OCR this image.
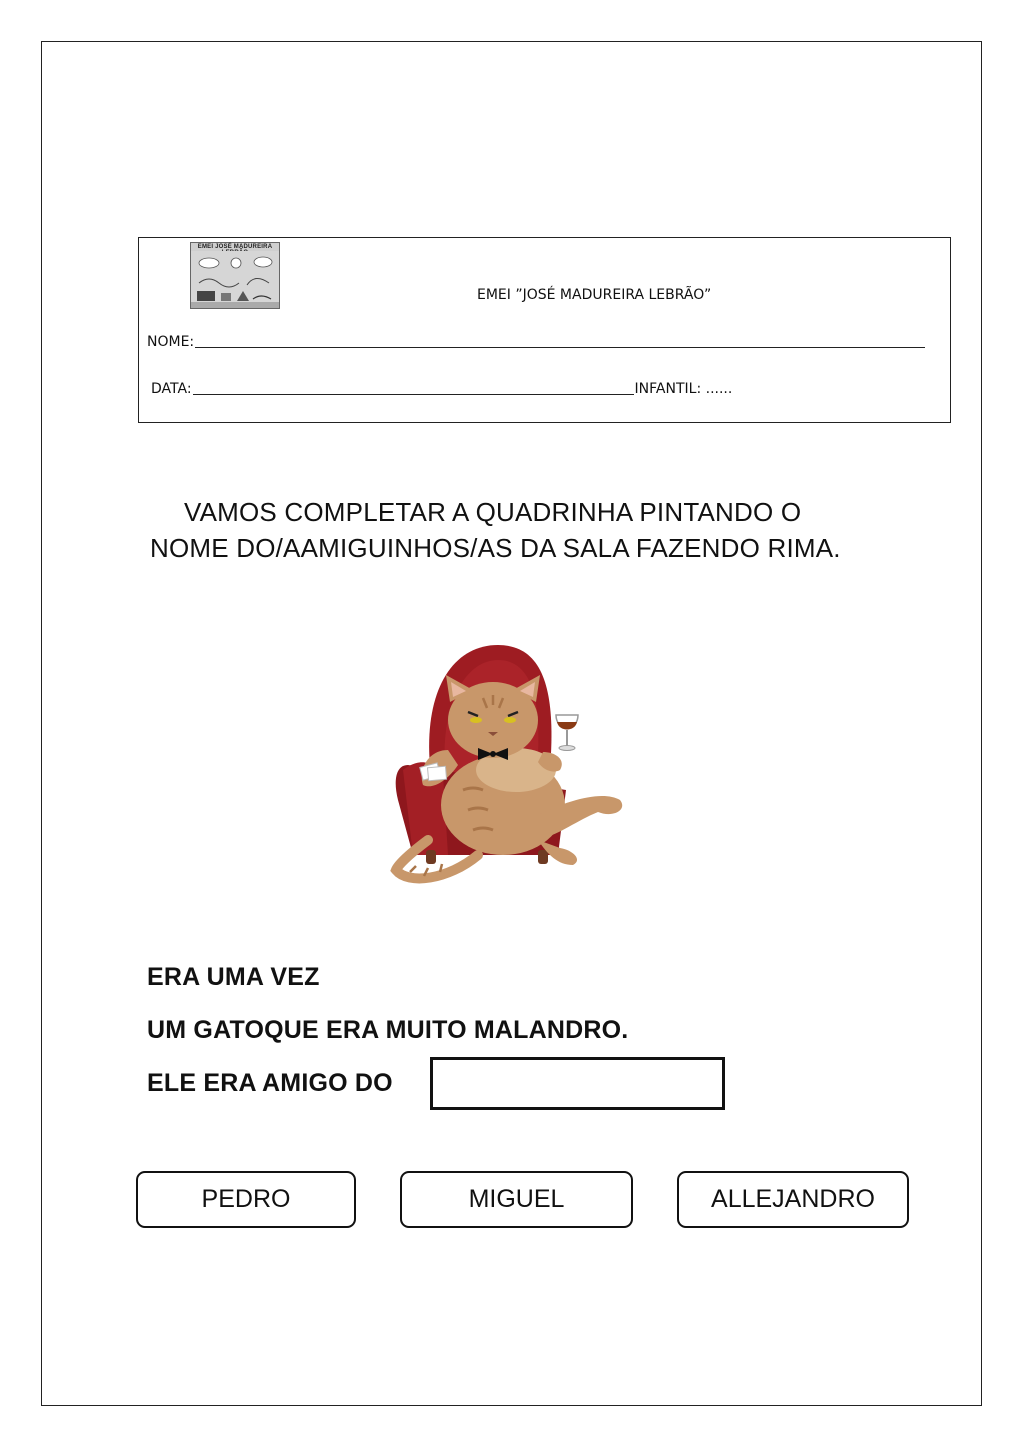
EMEI JOSÉ MADUREIRA
EMEI ”JOSÉ MADUREIRA LEBRÃO”
NOME:
DATA:	INFANTIL: ......
VAMOS COMPLETAR A QUADRINHA PINTANDO O
NOME DO/AAMIGUINHOS/AS DA SALA FAZENDO RIMA.
ERA UMA VEZ
UM GATOQUE ERA MUITO MALANDRO.
ELE ERA AMIGO DO
PEDRO	MIGUEL	ALLEJANDRO
